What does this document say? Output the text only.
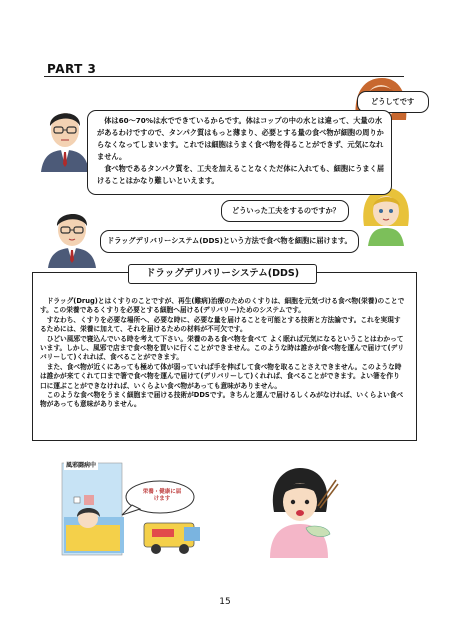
PART 3
どうしてです

体は60～70%は水でできているからです。体はコップの中の水とは違って、大量の水があるわけですので、タンパク質はもっと薄まり、必要とする量の食べ物が細胞の周りからなくなってしまいます。これでは細胞はうまく食べ物を得ることができず、元気になれません。

食べ物であるタンパク質を、工夫を加えることなくただ体に入れても、細胞にうまく届けることはかなり難しいといえます。

どういった工夫をするのですか？
ドラッグデリバリーシステム(DDS)という方法で食べ物を細胞に届けます。
ドラッグデリバリーシステム(DDS)

ドラッグ(Drug)とはくすりのことですが、再生(難病)治療のためのくすりは、細胞を元気づける食べ物(栄養)のことです。この栄養であるくすりを必要とする細胞へ届ける(デリバリー)ためのシステムです。

すなわち、くすりを必要な場所へ、必要な時に、必要な量を届けることを可能とする技術と方法論です。これを実現するためには、栄養に加えて、それを届けるための材料が不可欠です。

ひどい風邪で寝込んでいる時を考えて下さい。栄養のある食べ物を食べて よく眠れば元気になるということはわかっています。しかし、風邪で店まで食べ物を買いに行くことができません。このような時は誰かが食べ物を運んで届けて(デリバリーして)くれれば、食べることができます。

また、食べ物が近くにあっても極めて体が弱っていれば手を伸ばして食べ物を取ることさえできません。このような時は誰かが来てくれて口まで箸で食べ物を運んで届けて(デリバリーして)くれれば、食べることができます。よい箸を作り口に運ぶことができなければ、いくらよい食べ物があっても意味がありません。

このような食べ物をうまく細胞まで届ける技術がDDSです。きちんと運んで届けるしくみがなければ、いくらよい食べ物があっても意味がありません。

風邪闘病中
栄養・健康に届けます
15
